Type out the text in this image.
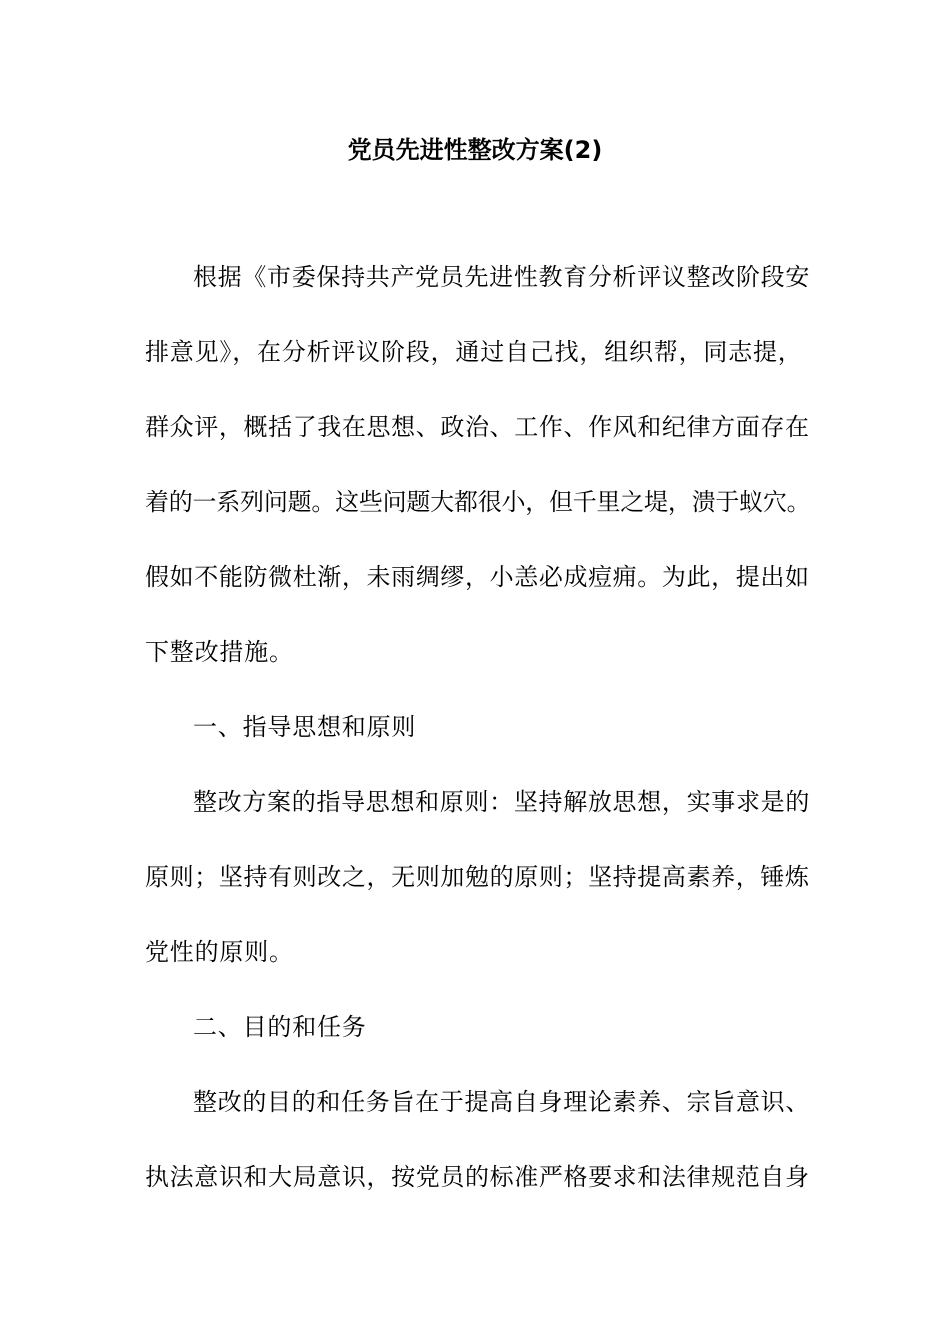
党员先进性整改方案(2)
根据《市委保持共产党员先进性教育分析评议整改阶段安
排意见》，在分析评议阶段，通过自己找，组织帮，同志提，
群众评，概括了我在思想、政治、工作、作风和纪律方面存在
着的一系列问题。这些问题大都很小，但千里之堤，溃于蚁穴。
假如不能防微杜渐，未雨绸缪，小恙必成痘痈。为此，提出如
下整改措施。
一、指导思想和原则
整改方案的指导思想和原则：坚持解放思想，实事求是的
原则；坚持有则改之，无则加勉的原则；坚持提高素养，锤炼
党性的原则。
二、目的和任务
整改的目的和任务旨在于提高自身理论素养、宗旨意识、
执法意识和大局意识，按党员的标准严格要求和法律规范自身
